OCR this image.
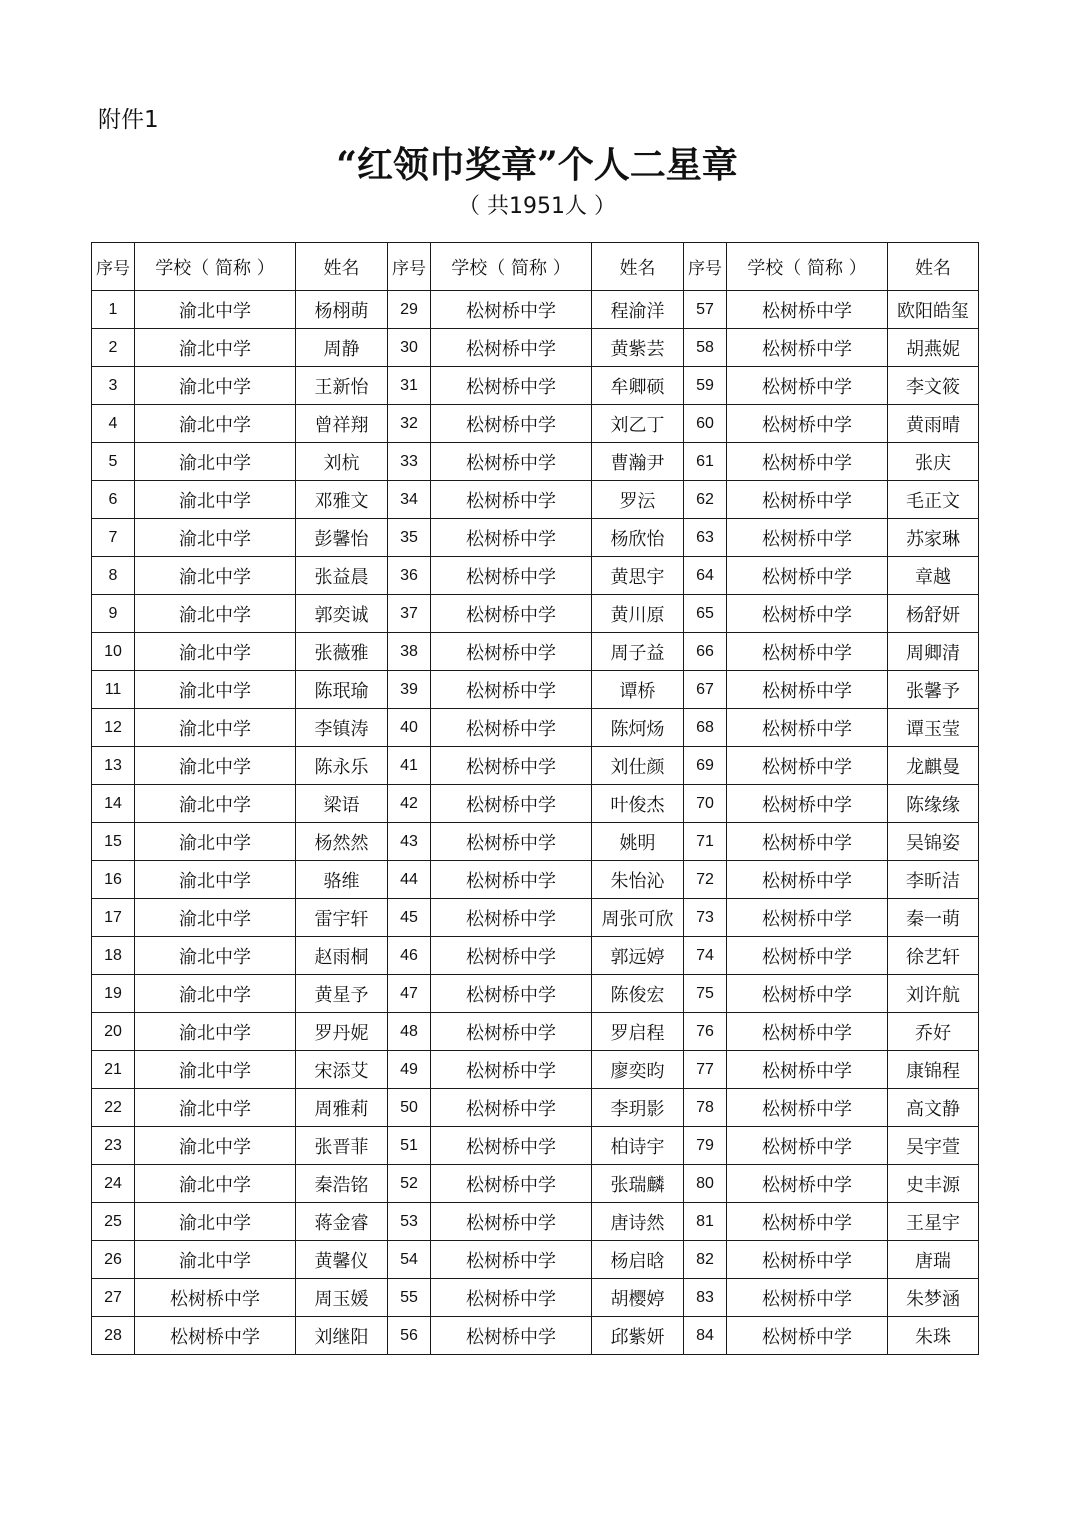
附件1
“红领巾奖章”个人二星章
（ 共1951人 ）
序号	学校（ 简称 ）	姓名	序号	学校（ 简称 ）	姓名	序号	学校（ 简称 ）	姓名
1	渝北中学	杨栩萌	29	松树桥中学	程渝洋	57	松树桥中学	欧阳皓玺
2	渝北中学	周静	30	松树桥中学	黄紫芸	58	松树桥中学	胡燕妮
3	渝北中学	王新怡	31	松树桥中学	牟卿硕	59	松树桥中学	李文筱
4	渝北中学	曾祥翔	32	松树桥中学	刘乙丁	60	松树桥中学	黄雨晴
5	渝北中学	刘杭	33	松树桥中学	曹瀚尹	61	松树桥中学	张庆
6	渝北中学	邓雅文	34	松树桥中学	罗沄	62	松树桥中学	毛正文
7	渝北中学	彭馨怡	35	松树桥中学	杨欣怡	63	松树桥中学	苏家琳
8	渝北中学	张益晨	36	松树桥中学	黄思宇	64	松树桥中学	章越
9	渝北中学	郭奕诚	37	松树桥中学	黄川原	65	松树桥中学	杨舒妍
10	渝北中学	张薇雅	38	松树桥中学	周子益	66	松树桥中学	周卿清
11	渝北中学	陈珉瑜	39	松树桥中学	谭桥	67	松树桥中学	张馨予
12	渝北中学	李镇涛	40	松树桥中学	陈炣炀	68	松树桥中学	谭玉莹
13	渝北中学	陈永乐	41	松树桥中学	刘仕颜	69	松树桥中学	龙麒曼
14	渝北中学	梁语	42	松树桥中学	叶俊杰	70	松树桥中学	陈缘缘
15	渝北中学	杨然然	43	松树桥中学	姚明	71	松树桥中学	吴锦姿
16	渝北中学	骆维	44	松树桥中学	朱怡沁	72	松树桥中学	李昕洁
17	渝北中学	雷宇轩	45	松树桥中学	周张可欣	73	松树桥中学	秦一萌
18	渝北中学	赵雨桐	46	松树桥中学	郭远婷	74	松树桥中学	徐艺轩
19	渝北中学	黄星予	47	松树桥中学	陈俊宏	75	松树桥中学	刘许航
20	渝北中学	罗丹妮	48	松树桥中学	罗启程	76	松树桥中学	乔好
21	渝北中学	宋添艾	49	松树桥中学	廖奕昀	77	松树桥中学	康锦程
22	渝北中学	周雅莉	50	松树桥中学	李玥影	78	松树桥中学	高文静
23	渝北中学	张晋菲	51	松树桥中学	柏诗宇	79	松树桥中学	吴宇萱
24	渝北中学	秦浩铭	52	松树桥中学	张瑞麟	80	松树桥中学	史丰源
25	渝北中学	蒋金睿	53	松树桥中学	唐诗然	81	松树桥中学	王星宇
26	渝北中学	黄馨仪	54	松树桥中学	杨启晗	82	松树桥中学	唐瑞
27	松树桥中学	周玉媛	55	松树桥中学	胡樱婷	83	松树桥中学	朱梦涵
28	松树桥中学	刘继阳	56	松树桥中学	邱紫妍	84	松树桥中学	朱珠
